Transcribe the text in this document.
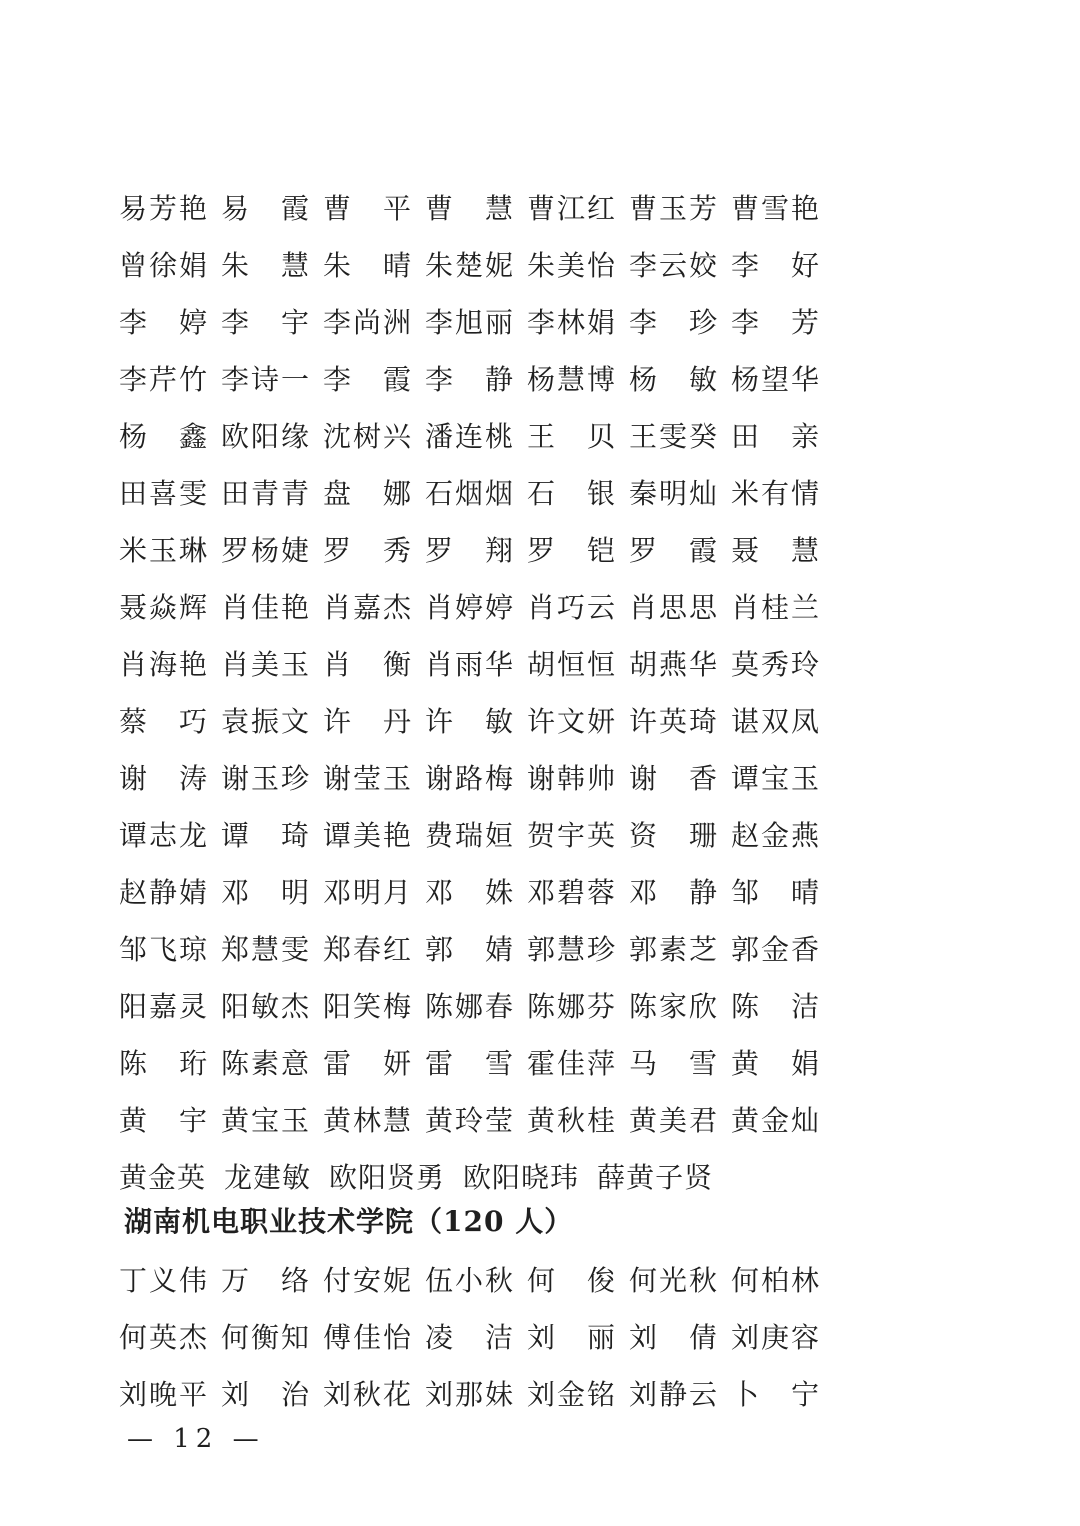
易芳艳 易　霞 曹　平 曹　慧 曹江红 曹玉芳 曹雪艳
曾徐娟 朱　慧 朱　晴 朱楚妮 朱美怡 李云姣 李　好
李　婷 李　宇 李尚洲 李旭丽 李林娟 李　珍 李　芳
李芹竹 李诗一 李　霞 李　静 杨慧博 杨　敏 杨望华
杨　鑫 欧阳缘 沈树兴 潘连桃 王　贝 王雯癸 田　亲
田喜雯 田青青 盘　娜 石烟烟 石　银 秦明灿 米有情
米玉琳 罗杨婕 罗　秀 罗　翔 罗　铠 罗　霞 聂　慧
聂焱辉 肖佳艳 肖嘉杰 肖婷婷 肖巧云 肖思思 肖桂兰
肖海艳 肖美玉 肖　衡 肖雨华 胡恒恒 胡燕华 莫秀玲
蔡　巧 袁振文 许　丹 许　敏 许文妍 许英琦 谌双凤
谢　涛 谢玉珍 谢莹玉 谢路梅 谢韩帅 谢　香 谭宝玉
谭志龙 谭　琦 谭美艳 费瑞姮 贺宇英 资　珊 赵金燕
赵静婧 邓　明 邓明月 邓　姝 邓碧蓉 邓　静 邹　晴
邹飞琼 郑慧雯 郑春红 郭　婧 郭慧珍 郭素芝 郭金香
阳嘉灵 阳敏杰 阳笑梅 陈娜春 陈娜芬 陈家欣 陈　洁
陈　珩 陈素意 雷　妍 雷　雪 霍佳萍 马　雪 黄　娟
黄　宇 黄宝玉 黄林慧 黄玲莹 黄秋桂 黄美君 黄金灿
黄金英 龙建敏 欧阳贤勇 欧阳晓玮 薛黄子贤
湖南机电职业技术学院（120 人）
丁义伟 万　络 付安妮 伍小秋 何　俊 何光秋 何柏林
何英杰 何衡知 傅佳怡 凌　洁 刘　丽 刘　倩 刘庚容
刘晚平 刘　治 刘秋花 刘那妹 刘金铭 刘静云 卜　宁
— 12 —
